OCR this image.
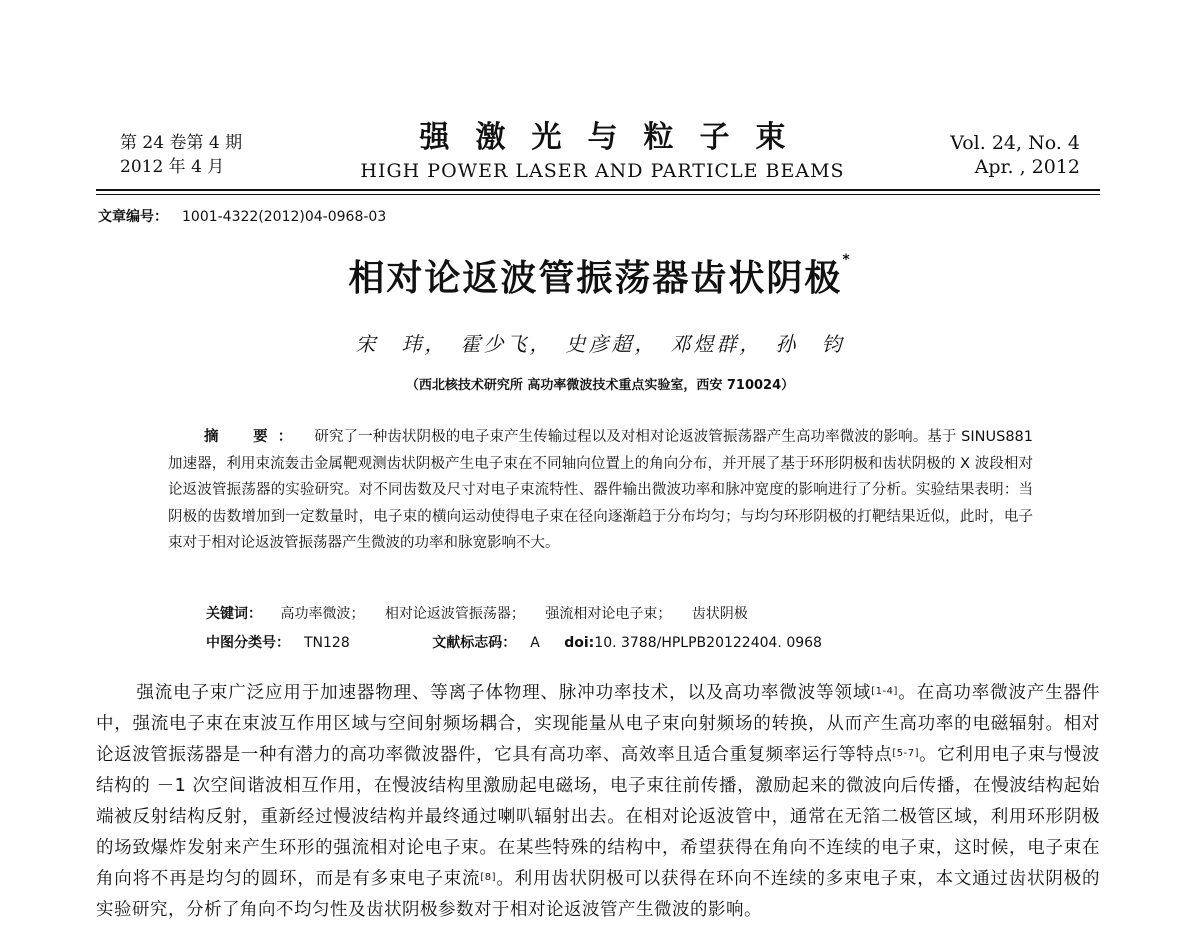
第 24 卷第 4 期
2012 年 4 月
强激光与粒子束
HIGH POWER LASER AND PARTICLE BEAMS
Vol. 24, No. 4
Apr. , 2012
文章编号： 1001-4322(2012)04-0968-03
相对论返波管振荡器齿状阴极*
宋　玮，　霍少飞，　史彦超，　邓煜群，　孙　钧
（西北核技术研究所 高功率微波技术重点实验室，西安 710024）
摘　要： 研究了一种齿状阴极的电子束产生传输过程以及对相对论返波管振荡器产生高功率微波的影响。基于 SINUS881 加速器，利用束流轰击金属靶观测齿状阴极产生电子束在不同轴向位置上的角向分布，并开展了基于环形阴极和齿状阴极的 X 波段相对论返波管振荡器的实验研究。对不同齿数及尺寸对电子束流特性、器件输出微波功率和脉冲宽度的影响进行了分析。实验结果表明：当阴极的齿数增加到一定数量时，电子束的横向运动使得电子束在径向逐渐趋于分布均匀；与均匀环形阴极的打靶结果近似，此时，电子束对于相对论返波管振荡器产生微波的功率和脉宽影响不大。
关键词： 高功率微波； 相对论返波管振荡器； 强流相对论电子束； 齿状阴极
中图分类号： TN128	文献标志码： A doi:10. 3788/HPLPB20122404. 0968
强流电子束广泛应用于加速器物理、等离子体物理、脉冲功率技术，以及高功率微波等领域[1-4]。在高功率微波产生器件中，强流电子束在束波互作用区域与空间射频场耦合，实现能量从电子束向射频场的转换，从而产生高功率的电磁辐射。相对论返波管振荡器是一种有潜力的高功率微波器件，它具有高功率、高效率且适合重复频率运行等特点[5-7]。它利用电子束与慢波结构的 －1 次空间谐波相互作用，在慢波结构里激励起电磁场，电子束往前传播，激励起来的微波向后传播，在慢波结构起始端被反射结构反射，重新经过慢波结构并最终通过喇叭辐射出去。在相对论返波管中，通常在无箔二极管区域，利用环形阴极的场致爆炸发射来产生环形的强流相对论电子束。在某些特殊的结构中，希望获得在角向不连续的电子束，这时候，电子束在角向将不再是均匀的圆环，而是有多束电子束流[8]。利用齿状阴极可以获得在环向不连续的多束电子束，本文通过齿状阴极的实验研究，分析了角向不均匀性及齿状阴极参数对于相对论返波管产生微波的影响。
